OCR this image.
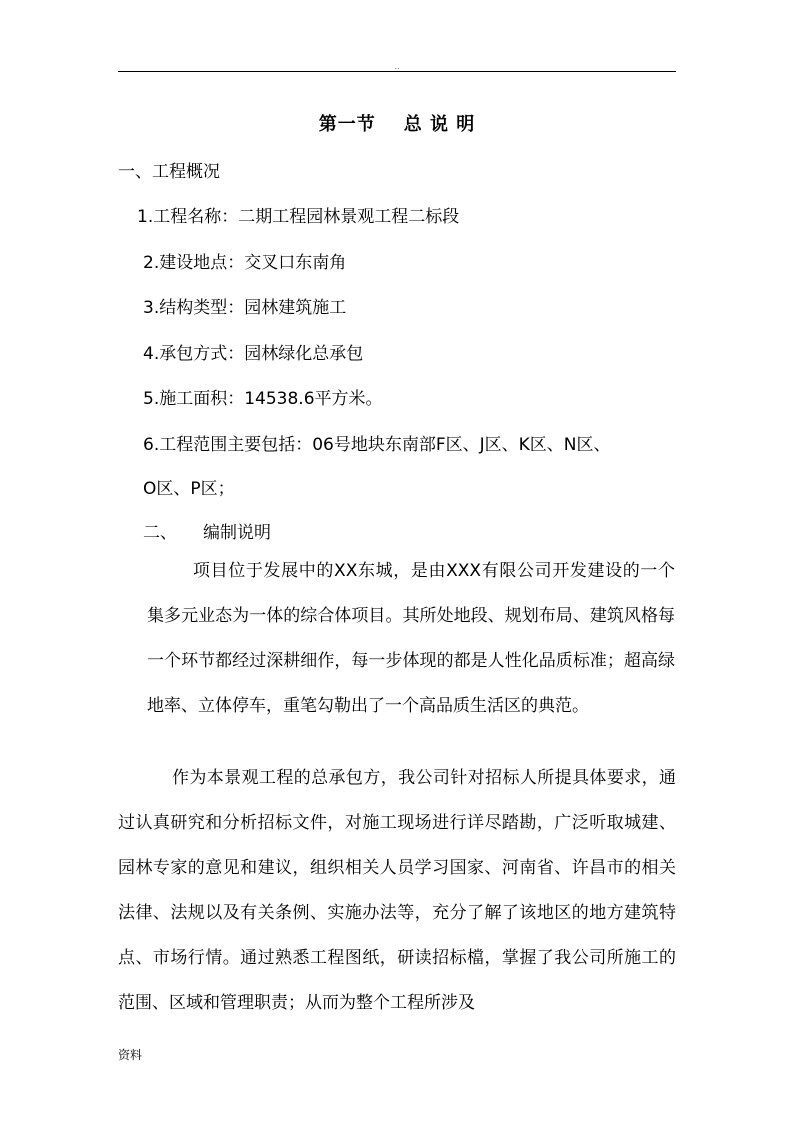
..
第一节 总 说 明
一、工程概况
1.工程名称：二期工程园林景观工程二标段
2.建设地点：交叉口东南角
3.结构类型：园林建筑施工
4.承包方式：园林绿化总承包
5.施工面积：14538.6平方米。
6.工程范围主要包括：06号地块东南部F区、J区、K区、N区、
O区、P区；
二、 编制说明
项目位于发展中的XX东城，是由XXX有限公司开发建设的一个集多元业态为一体的综合体项目。其所处地段、规划布局、建筑风格每一个环节都经过深耕细作，每一步体现的都是人性化品质标准；超高绿地率、立体停车，重笔勾勒出了一个高品质生活区的典范。
作为本景观工程的总承包方，我公司针对招标人所提具体要求，通过认真研究和分析招标文件，对施工现场进行详尽踏勘，广泛听取城建、园林专家的意见和建议，组织相关人员学习国家、河南省、许昌市的相关法律、法规以及有关条例、实施办法等，充分了解了该地区的地方建筑特点、市场行情。通过熟悉工程图纸，研读招标檔，掌握了我公司所施工的范围、区域和管理职责；从而为整个工程所涉及
资料
